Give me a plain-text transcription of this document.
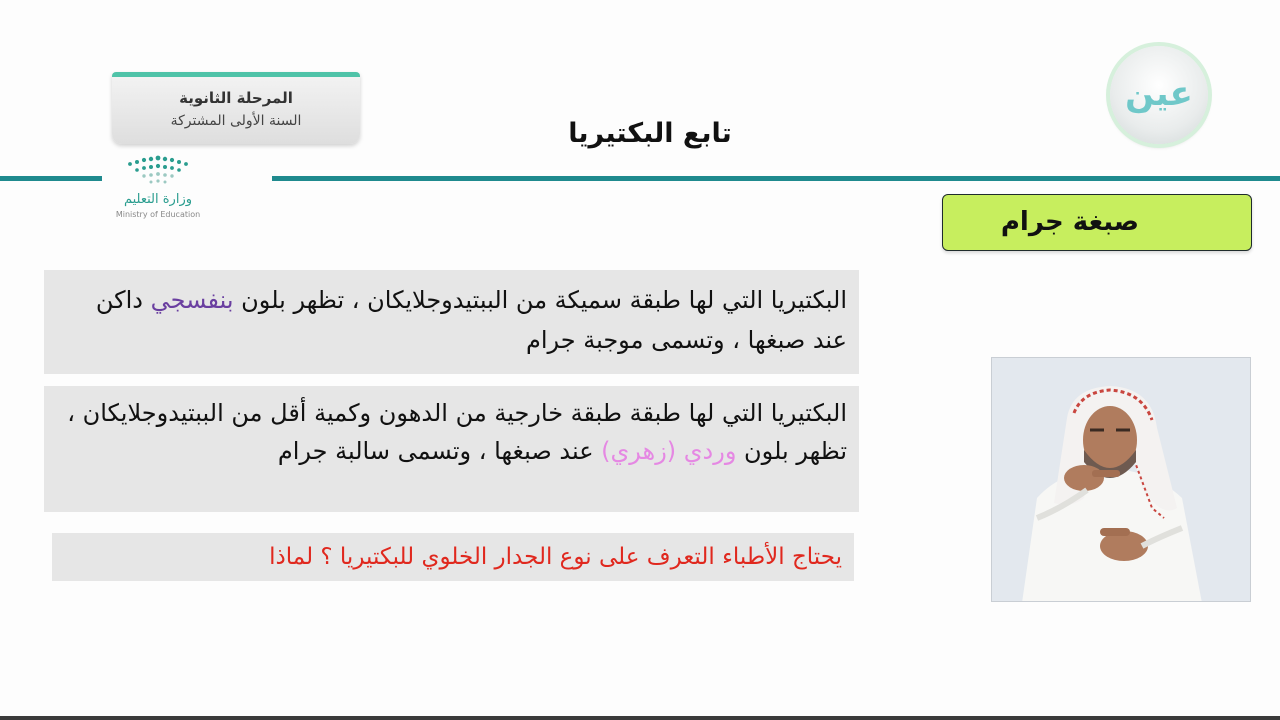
المرحلة الثانوية
السنة الأولى المشتركة
وزارة التعليم
Ministry of Education
تابع البكتيريا
عين
صبغة جرام
البكتيريا التي لها طبقة سميكة من الببتيدوجلايكان ، تظهر بلون بنفسجي داكن عند صبغها ، وتسمى موجبة جرام
البكتيريا التي لها طبقة طبقة خارجية من الدهون وكمية أقل من الببتيدوجلايكان ، تظهر بلون وردي (زهري) عند صبغها ، وتسمى سالبة جرام
يحتاج الأطباء التعرف على نوع الجدار الخلوي للبكتيريا ؟ لماذا
